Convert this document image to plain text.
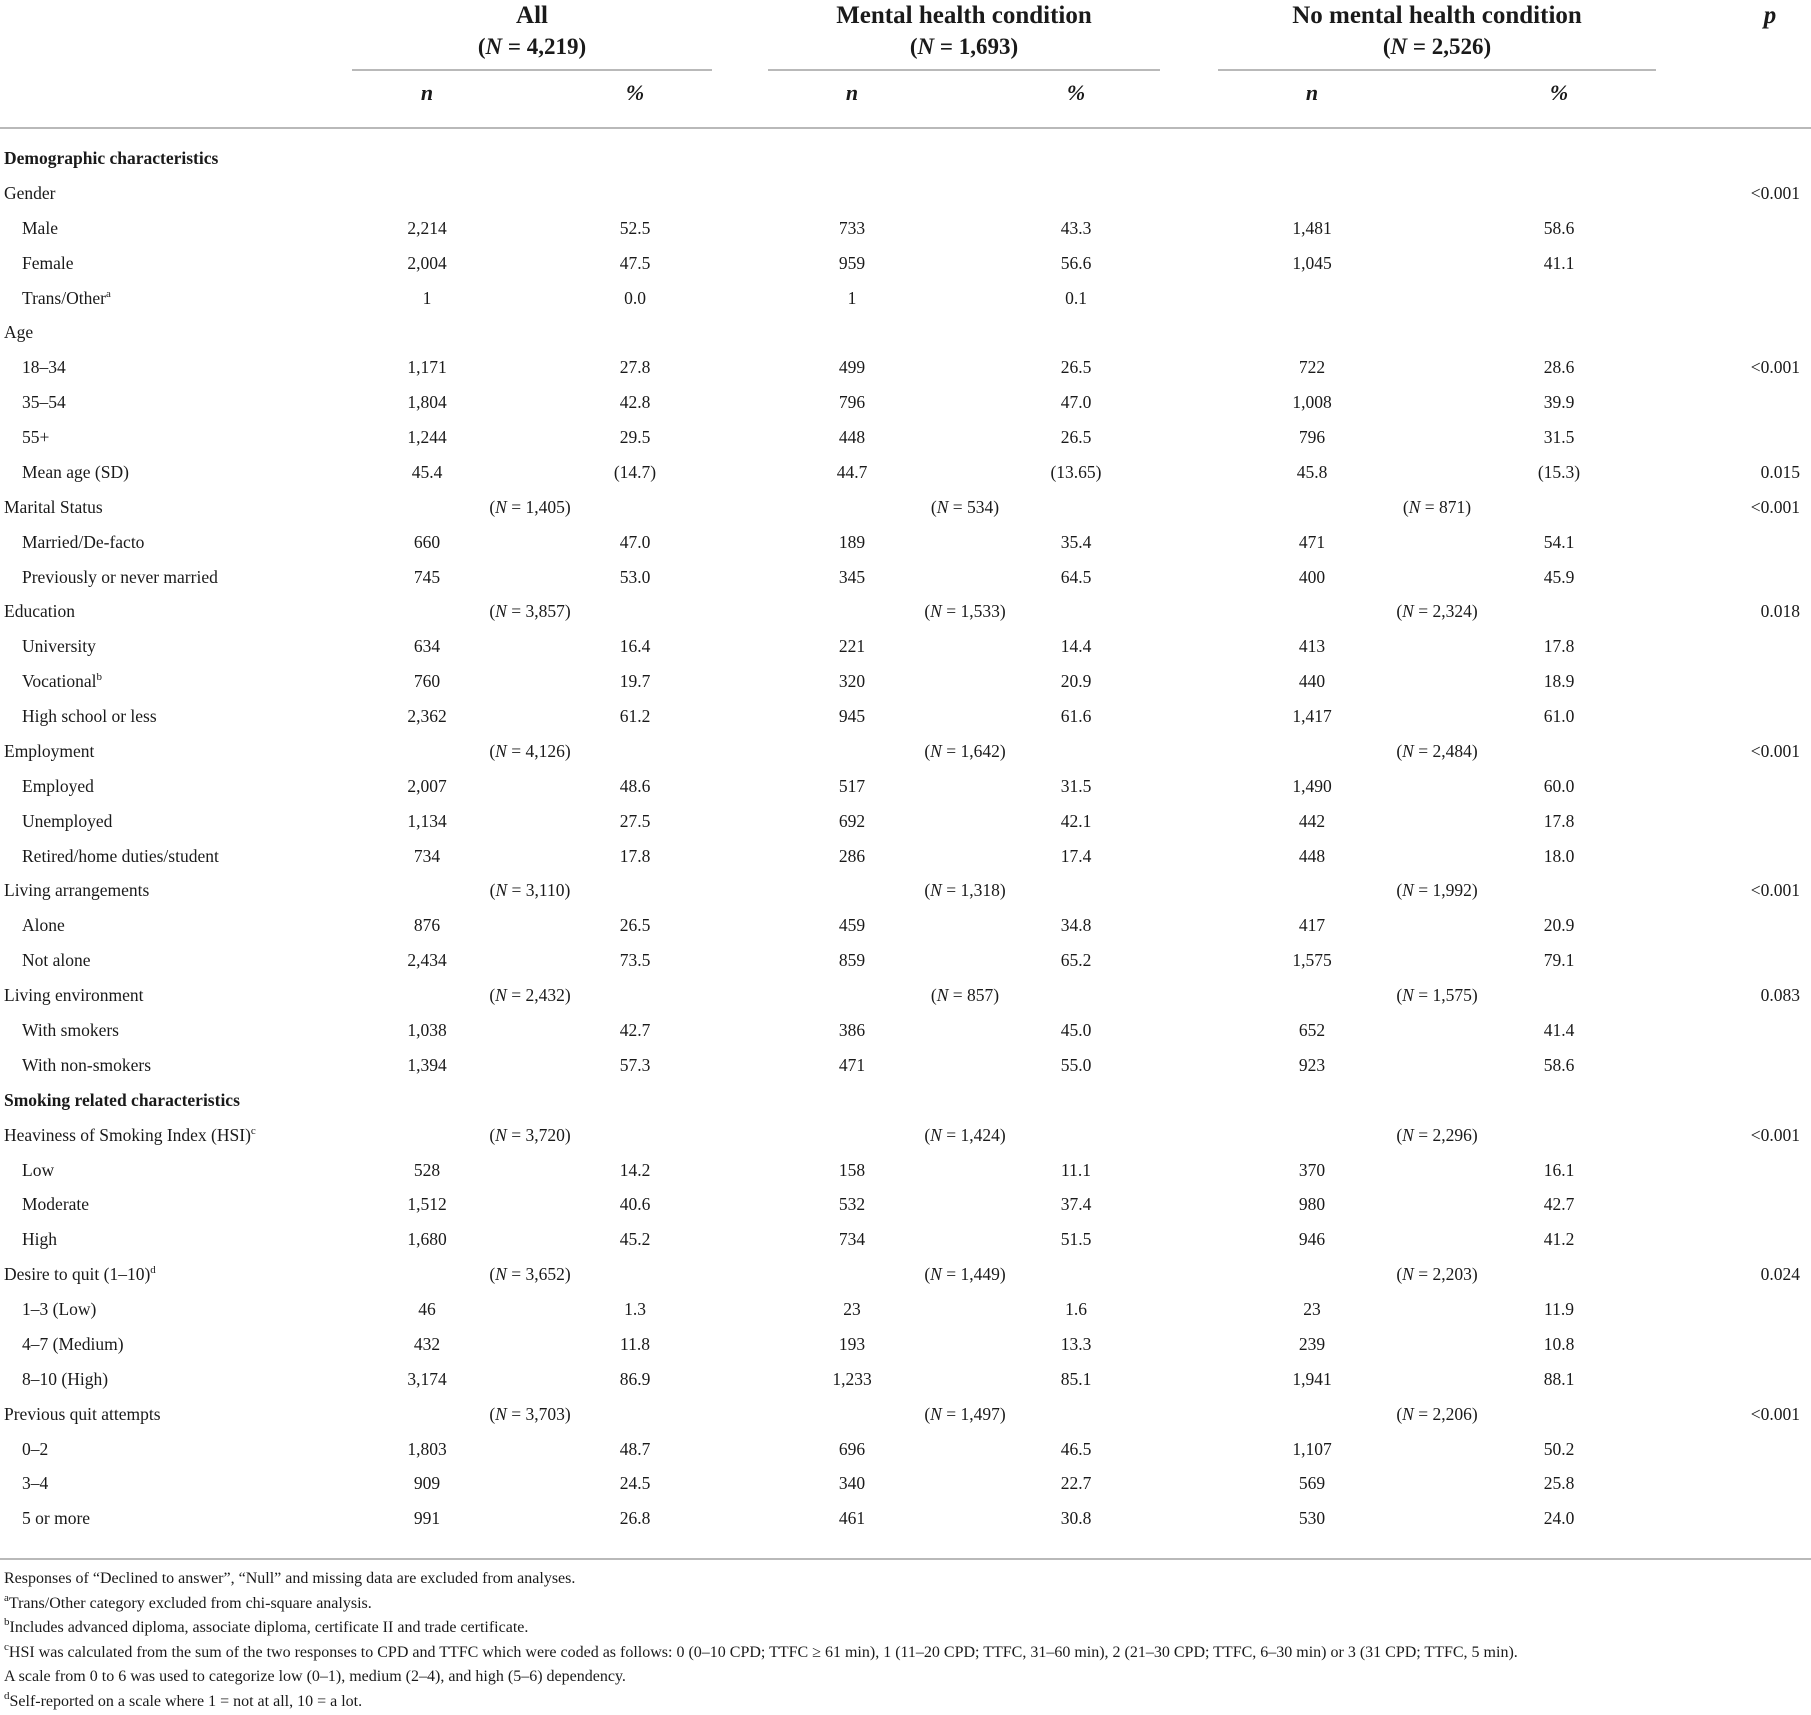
All
(N = 4,219)
Mental health condition
(N = 1,693)
No mental health condition
(N = 2,526)
p
n	%	n	%	n	%
Demographic characteristics
Gender	<0.001
Male	2,214	52.5	733	43.3	1,481	58.6
Female	2,004	47.5	959	56.6	1,045	41.1
Trans/Other$^a$	1	0.0	1	0.1
Age
18–34	1,171	27.8	499	26.5	722	28.6	<0.001
35–54	1,804	42.8	796	47.0	1,008	39.9
55+	1,244	29.5	448	26.5	796	31.5
Mean age (SD)	45.4	(14.7)	44.7	(13.65)	45.8	(15.3)	0.015
Marital Status	(N = 1,405)	(N = 534)	(N = 871)	<0.001
Married/De-facto	660	47.0	189	35.4	471	54.1
Previously or never married	745	53.0	345	64.5	400	45.9
Education	(N = 3,857)	(N = 1,533)	(N = 2,324)	0.018
University	634	16.4	221	14.4	413	17.8
Vocational$^b$	760	19.7	320	20.9	440	18.9
High school or less	2,362	61.2	945	61.6	1,417	61.0
Employment	(N = 4,126)	(N = 1,642)	(N = 2,484)	<0.001
Employed	2,007	48.6	517	31.5	1,490	60.0
Unemployed	1,134	27.5	692	42.1	442	17.8
Retired/home duties/student	734	17.8	286	17.4	448	18.0
Living arrangements	(N = 3,110)	(N = 1,318)	(N = 1,992)	<0.001
Alone	876	26.5	459	34.8	417	20.9
Not alone	2,434	73.5	859	65.2	1,575	79.1
Living environment	(N = 2,432)	(N = 857)	(N = 1,575)	0.083
With smokers	1,038	42.7	386	45.0	652	41.4
With non-smokers	1,394	57.3	471	55.0	923	58.6
Smoking related characteristics
Heaviness of Smoking Index (HSI)$^c$	(N = 3,720)	(N = 1,424)	(N = 2,296)	<0.001
Low	528	14.2	158	11.1	370	16.1
Moderate	1,512	40.6	532	37.4	980	42.7
High	1,680	45.2	734	51.5	946	41.2
Desire to quit $(1-10)^d$	(N = 3,652)	(N = 1,449)	(N = 2,203)	0.024
1–3 (Low)	46	1.3	23	1.6	23	11.9
4–7 (Medium)	432	11.8	193	13.3	239	10.8
8–10 (High)	3,174	86.9	1,233	85.1	1,941	88.1
Previous quit attempts	(N = 3,703)	(N = 1,497)	(N = 2,206)	<0.001
0–2	1,803	48.7	696	46.5	1,107	50.2
3–4	909	24.5	340	22.7	569	25.8
5 or more	991	26.8	461	30.8	530	24.0
Responses of “Declined to answer”, “Null” and missing data are excluded from analyses.
$^a$Trans/Other category excluded from chi-square analysis.
$^b$Includes advanced diploma, associate diploma, certificate II and trade certificate.
$^c$HSI was calculated from the sum of the two responses to CPD and TTFC which were coded as follows: 0 (0–10 CPD; TTFC ≥ 61 min), 1 (11–20 CPD; TTFC, 31–60 min), 2 (21–30 CPD; TTFC, 6–30 min) or 3 (31 CPD; TTFC, 5 min).
A scale from 0 to 6 was used to categorize low (0–1), medium (2–4), and high (5–6) dependency.
$^d$Self-reported on a scale where 1 = not at all, 10 = a lot.
